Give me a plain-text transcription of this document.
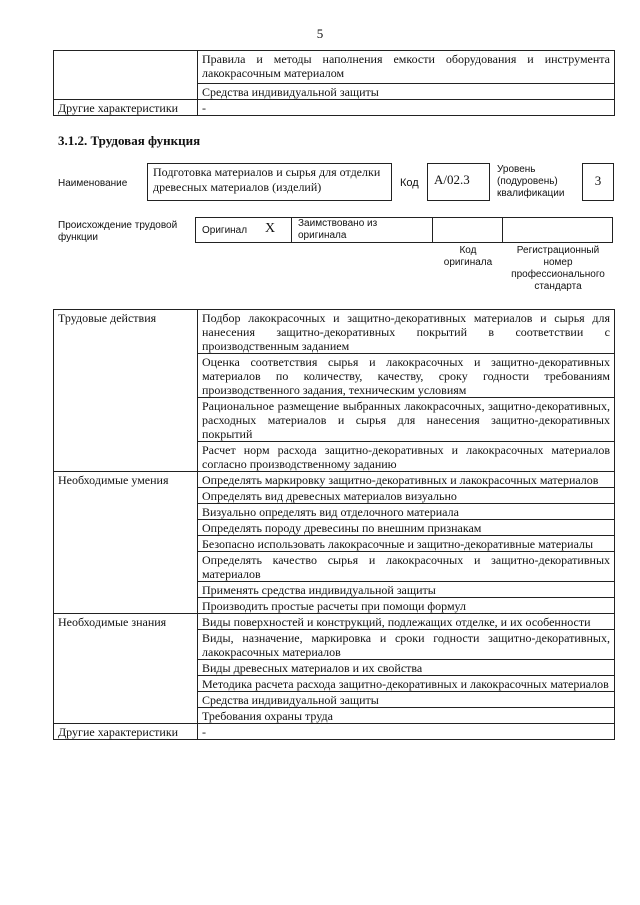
5
	Правила и методы наполнения емкости оборудования и инструмента лакокрасочным материалом
	Средства индивидуальной защиты
Другие характеристики	-
3.1.2. Трудовая функция
Наименование
Подготовка материалов и сырья для отделки древесных материалов (изделий)	Код	A/02.3
Уровень (подуровень) квалификации
3
Происхождение трудовой функции
Оригинал X Заимствовано из оригинала
Код оригинала
Регистрационный номер профессионального стандарта
Трудовые действия	Подбор лакокрасочных и защитно-декоративных материалов и сырья для нанесения защитно-декоративных покрытий в соответствии с производственным заданием
	Оценка соответствия сырья и лакокрасочных и защитно-декоративных материалов по количеству, качеству, сроку годности требованиям производственного задания, техническим условиям
	Рациональное размещение выбранных лакокрасочных, защитно-декоративных, расходных материалов и сырья для нанесения защитно-декоративных покрытий
	Расчет норм расхода защитно-декоративных и лакокрасочных материалов согласно производственному заданию
Необходимые умения	Определять маркировку защитно-декоративных и лакокрасочных материалов
	Определять вид древесных материалов визуально
	Визуально определять вид отделочного материала
	Определять породу древесины по внешним признакам
	Безопасно использовать лакокрасочные и защитно-декоративные материалы
	Определять качество сырья и лакокрасочных и защитно-декоративных материалов
	Применять средства индивидуальной защиты
	Производить простые расчеты при помощи формул
Необходимые знания	Виды поверхностей и конструкций, подлежащих отделке, и их особенности
	Виды, назначение, маркировка и сроки годности защитно-декоративных, лакокрасочных материалов
	Виды древесных материалов и их свойства
	Методика расчета расхода защитно-декоративных и лакокрасочных материалов
	Средства индивидуальной защиты
	Требования охраны труда
Другие характеристики	-
